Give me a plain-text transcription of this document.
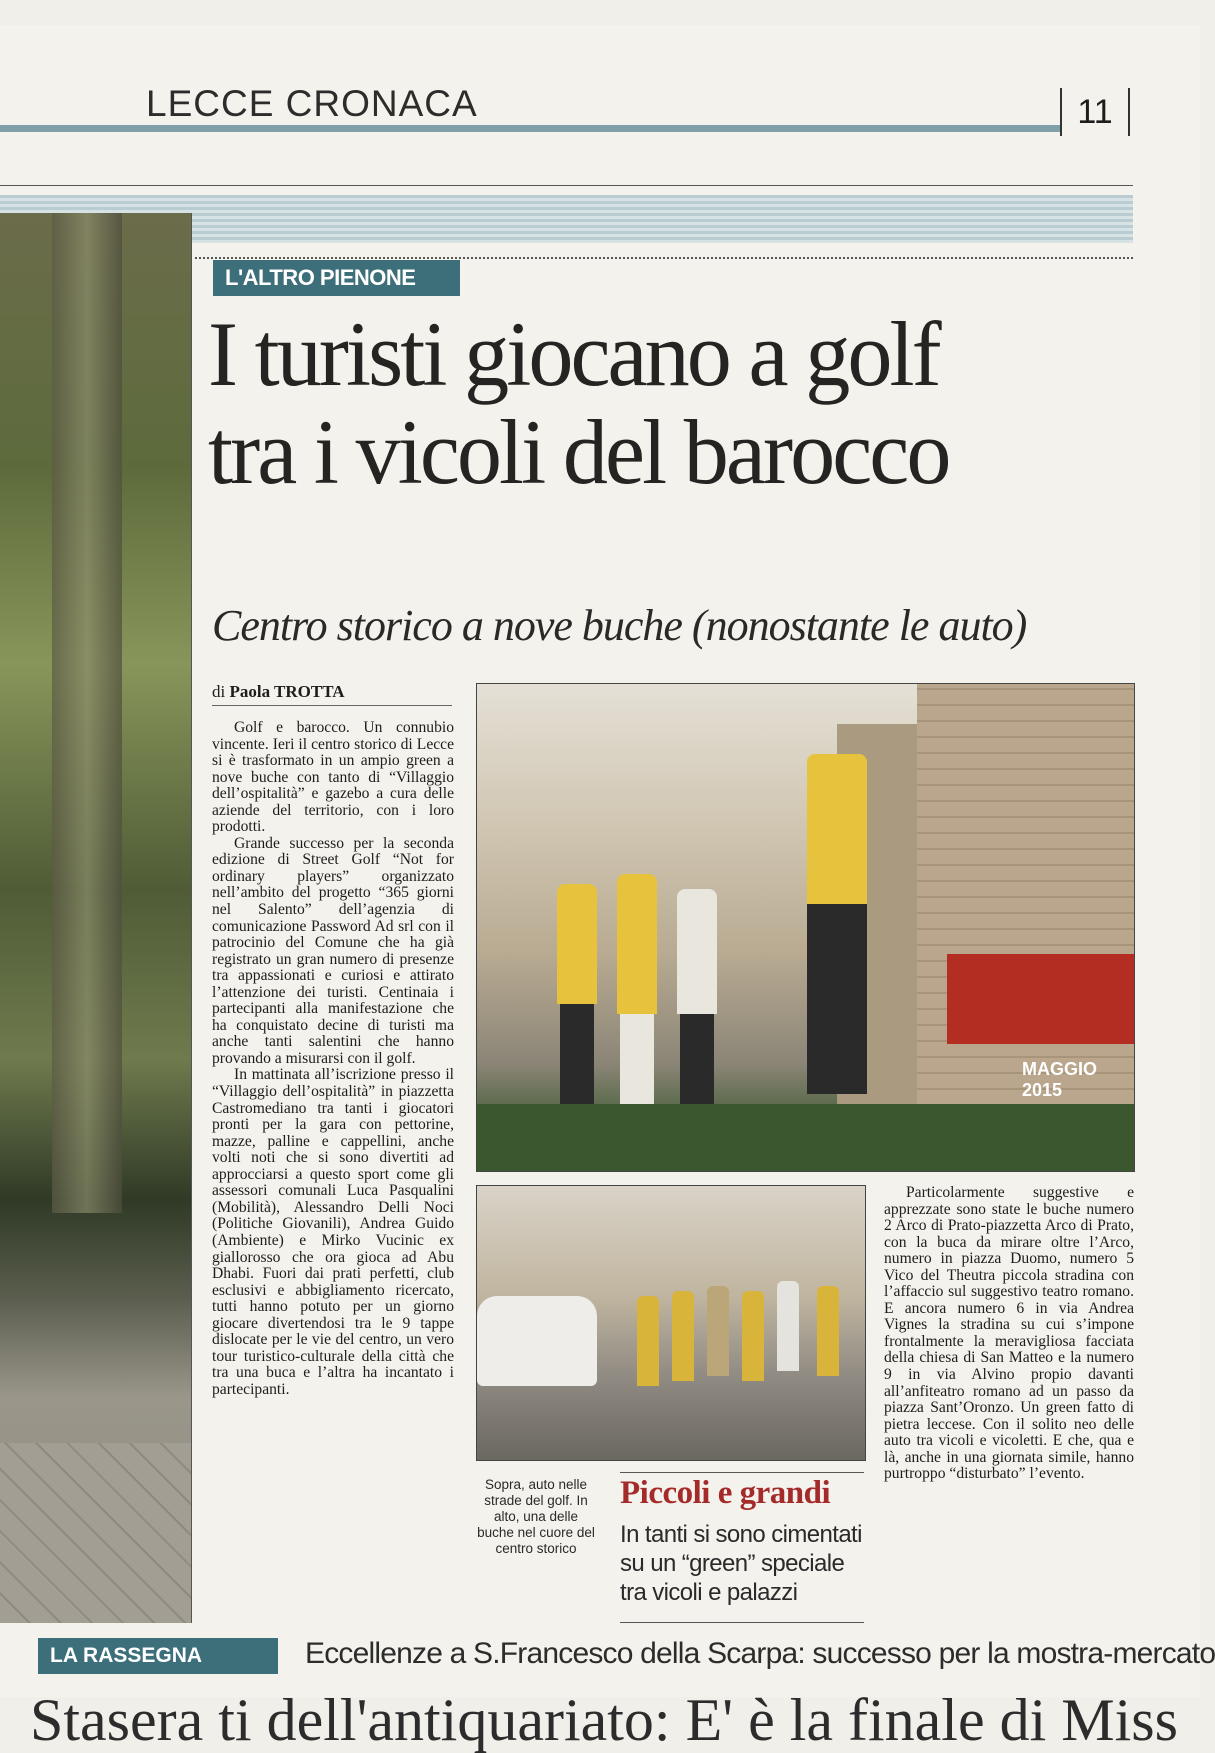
LECCE CRONACA	11
L'ALTRO PIENONE
I turisti giocano a golf
tra i vicoli del barocco
Centro storico a nove buche (nonostante le auto)
di Paola TROTTA

Golf e barocco. Un connubio vincente. Ieri il centro storico di Lecce si è trasformato in un ampio green a nove buche con tanto di “Villaggio dell’ospitalità” e gazebo a cura delle aziende del territorio, con i loro prodotti.

Grande successo per la seconda edizione di Street Golf “Not for ordinary players” organizzato nell’ambito del progetto “365 giorni nel Salento” dell’agenzia di comunicazione Password Ad srl con il patrocinio del Comune che ha già registrato un gran numero di presenze tra appassionati e curiosi e attirato l’attenzione dei turisti. Centinaia i partecipanti alla manifestazione che ha conquistato decine di turisti ma anche tanti salentini che hanno provando a misurarsi con il golf.

In mattinata all’iscrizione presso il “Villaggio dell’ospitalità” in piazzetta Castromediano tra tanti i giocatori pronti per la gara con pettorine, mazze, palline e cappellini, anche volti noti che si sono divertiti ad approcciarsi a questo sport come gli assessori comunali Luca Pasqualini (Mobilità), Alessandro Delli Noci (Politiche Giovanili), Andrea Guido (Ambiente) e Mirko Vucinic ex giallorosso che ora gioca ad Abu Dhabi. Fuori dai prati perfetti, club esclusivi e abbigliamento ricercato, tutti hanno potuto per un giorno giocare divertendosi tra le 9 tappe dislocate per le vie del centro, un vero tour turistico-culturale della città che tra una buca e l’altra ha incantato i partecipanti.

MAGGIO 2015
Sopra, auto nelle strade del golf. In alto, una delle buche nel cuore del centro storico
Piccoli e grandi
In tanti si sono cimentati su un “green” speciale tra vicoli e palazzi

Particolarmente suggestive e apprezzate sono state le buche numero 2 Arco di Prato-piazzetta Arco di Prato, con la buca da mirare oltre l’Arco, numero in piazza Duomo, numero 5 Vico del Theutra piccola stradina con l’affaccio sul suggestivo teatro romano. E ancora numero 6 in via Andrea Vignes la stradina su cui s’impone frontalmente la meravigliosa facciata della chiesa di San Matteo e la numero 9 in via Alvino propio davanti all’anfiteatro romano ad un passo da piazza Sant’Oronzo. Un green fatto di pietra leccese. Con il solito neo delle auto tra vicoli e vicoletti. E che, qua e là, anche in una giornata simile, hanno purtroppo “disturbato” l’evento.

LA RASSEGNA	Eccellenze a S.Francesco della Scarpa: successo per la mostra-mercato
Stasera ti dell'antiquariato: E' è la finale di Miss
